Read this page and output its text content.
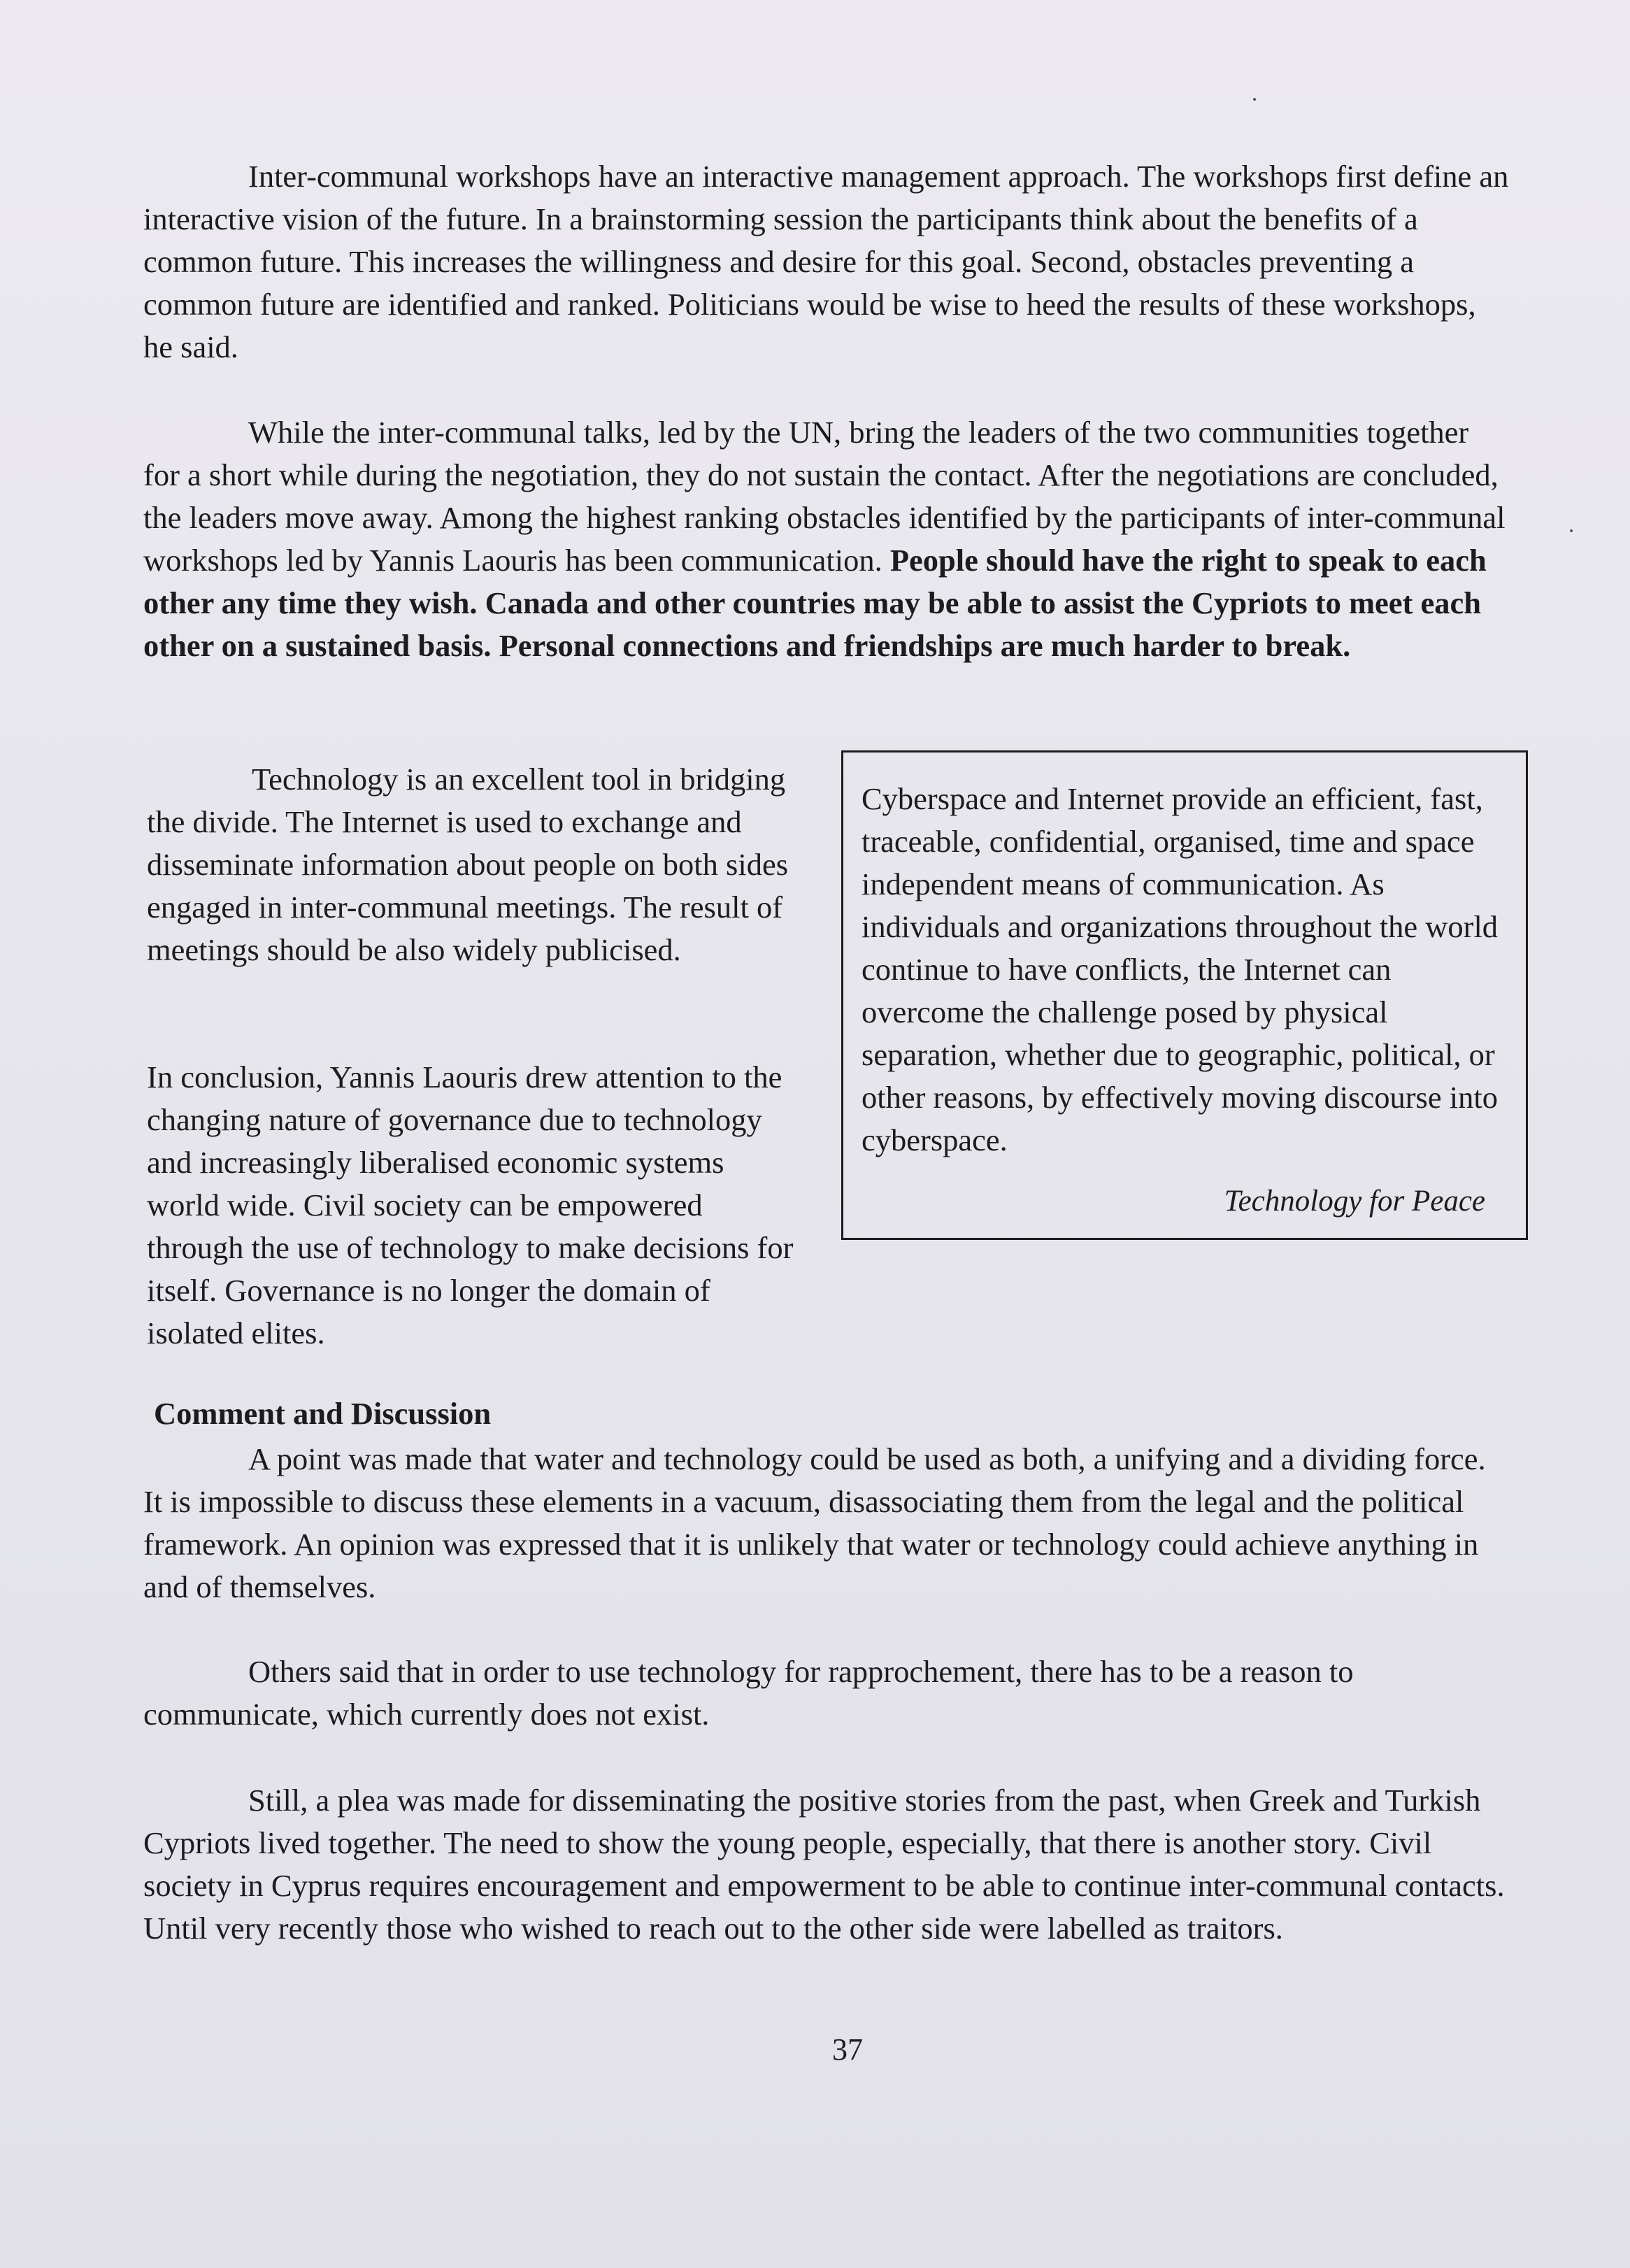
Inter-communal workshops have an interactive management approach. The workshops first define an interactive vision of the future. In a brainstorming session the participants think about the benefits of a common future. This increases the willingness and desire for this goal. Second, obstacles preventing a common future are identified and ranked. Politicians would be wise to heed the results of these workshops, he said.

While the inter-communal talks, led by the UN, bring the leaders of the two communities together for a short while during the negotiation, they do not sustain the contact. After the negotiations are concluded, the leaders move away. Among the highest ranking obstacles identified by the participants of inter-communal workshops led by Yannis Laouris has been communication. People should have the right to speak to each other any time they wish. Canada and other countries may be able to assist the Cypriots to meet each other on a sustained basis. Personal connections and friendships are much harder to break.

Technology is an excellent tool in bridging the divide. The Internet is used to exchange and disseminate information about people on both sides engaged in inter-communal meetings. The result of meetings should be also widely publicised.

In conclusion, Yannis Laouris drew attention to the changing nature of governance due to technology and increasingly liberalised economic systems world wide. Civil society can be empowered through the use of technology to make decisions for itself. Governance is no longer the domain of isolated elites.

Cyberspace and Internet provide an efficient, fast, traceable, confidential, organised, time and space independent means of communication. As individuals and organizations throughout the world continue to have conflicts, the Internet can overcome the challenge posed by physical separation, whether due to geographic, political, or other reasons, by effectively moving discourse into cyberspace.

Technology for Peace

Comment and Discussion

A point was made that water and technology could be used as both, a unifying and a dividing force. It is impossible to discuss these elements in a vacuum, disassociating them from the legal and the political framework. An opinion was expressed that it is unlikely that water or technology could achieve anything in and of themselves.

Others said that in order to use technology for rapprochement, there has to be a reason to communicate, which currently does not exist.

Still, a plea was made for disseminating the positive stories from the past, when Greek and Turkish Cypriots lived together. The need to show the young people, especially, that there is another story. Civil society in Cyprus requires encouragement and empowerment to be able to continue inter-communal contacts. Until very recently those who wished to reach out to the other side were labelled as traitors.

37
